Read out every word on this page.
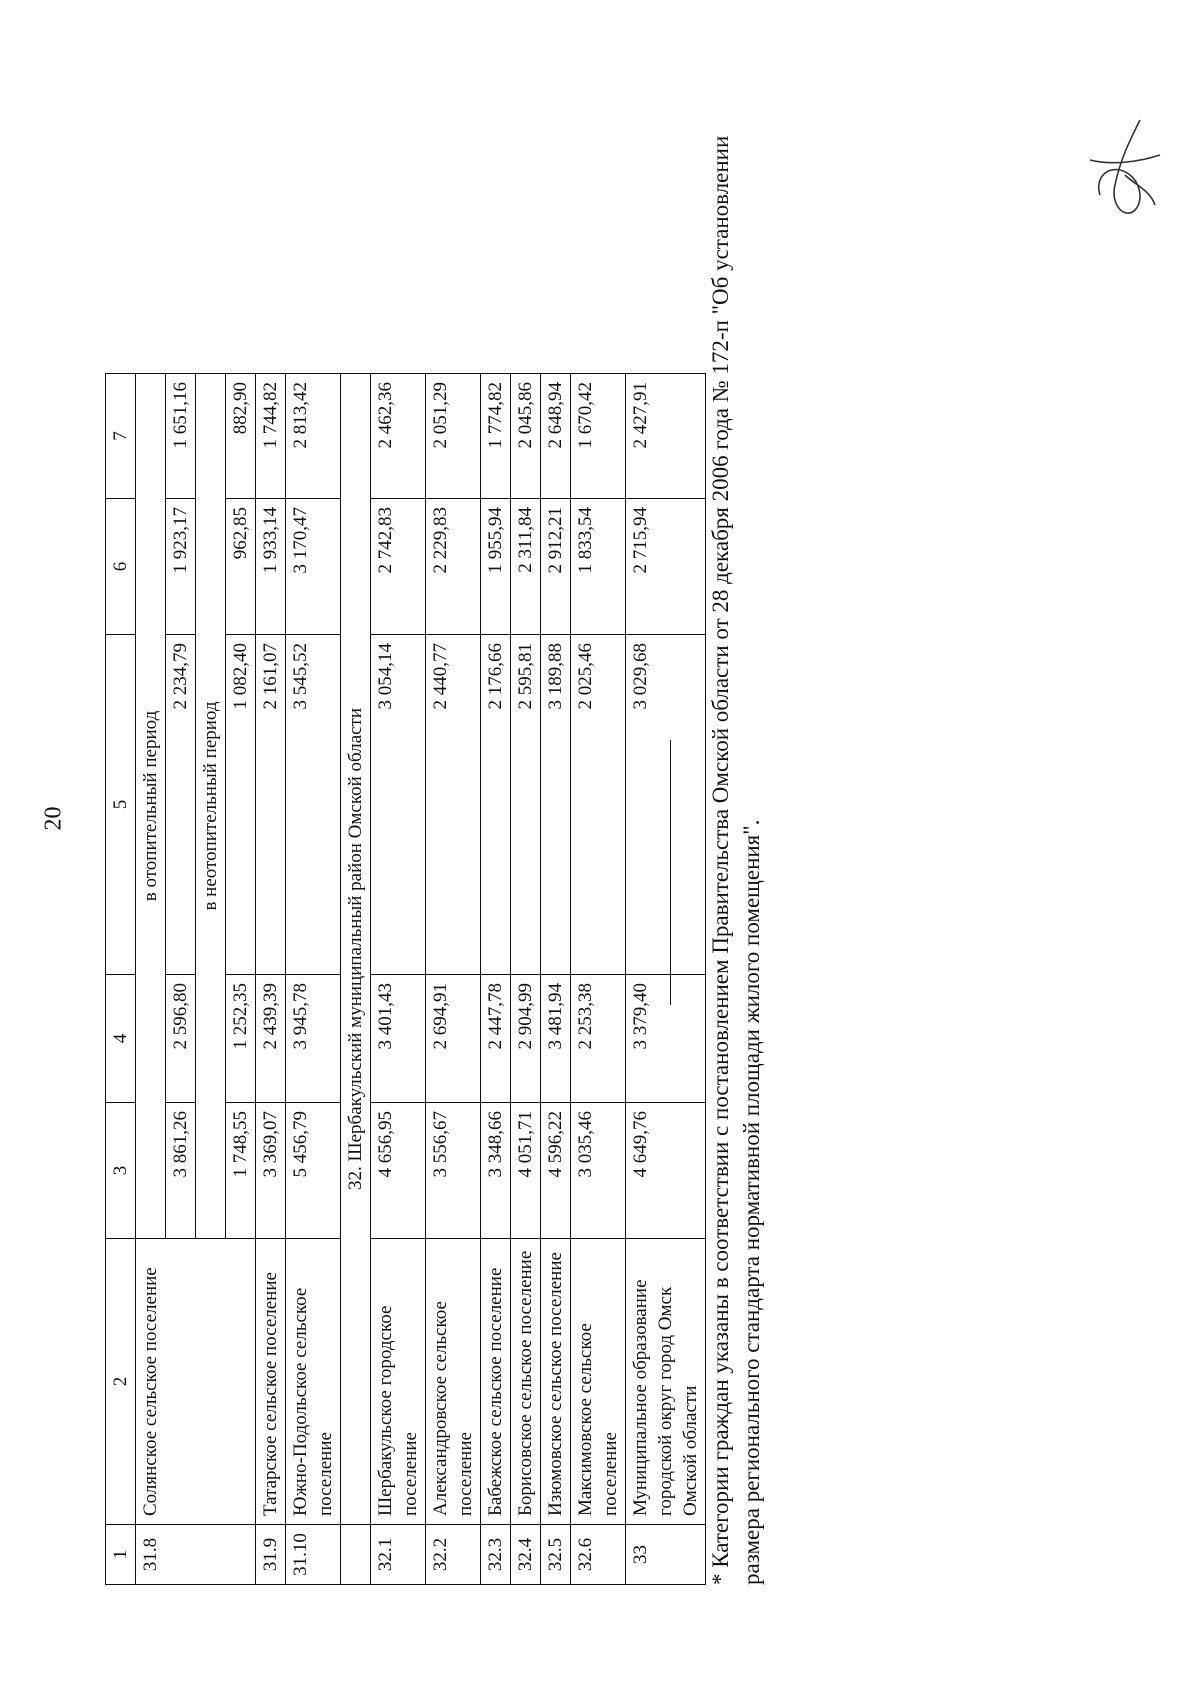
20
1	2	3	4	5	6	7
31.8	Солянское сельское поселение	в отопительный период				
		3 861,26	2 596,80	2 234,79	1 923,17	1 651,16
		в неотопительный период				
		1 748,55	1 252,35	1 082,40	962,85	882,90
31.9	Татарское сельское поселение	3 369,07	2 439,39	2 161,07	1 933,14	1 744,82
31.10	Южно-Подольское сельское поселение	5 456,79	3 945,78	3 545,52	3 170,47	2 813,42
	32. Шербакульский муниципальный район Омской области					
32.1	Шербакульское городское поселение	4 656,95	3 401,43	3 054,14	2 742,83	2 462,36
32.2	Александровское сельское поселение	3 556,67	2 694,91	2 440,77	2 229,83	2 051,29
32.3	Бабежское сельское поселение	3 348,66	2 447,78	2 176,66	1 955,94	1 774,82
32.4	Борисовское сельское поселение	4 051,71	2 904,99	2 595,81	2 311,84	2 045,86
32.5	Изюмовское сельское поселение	4 596,22	3 481,94	3 189,88	2 912,21	2 648,94
32.6	Максимовское сельское поселение	3 035,46	2 253,38	2 025,46	1 833,54	1 670,42
33	Муниципальное образование городской округ город Омск Омской области	4 649,76	3 379,40	3 029,68	2 715,94	2 427,91 * Категории граждан указаны в соответствии с постановлением Правительства Омской области от 28 декабря 2006 года № 172-п "Об установлении размера регионального стандарта нормативной площади жилого помещения".
